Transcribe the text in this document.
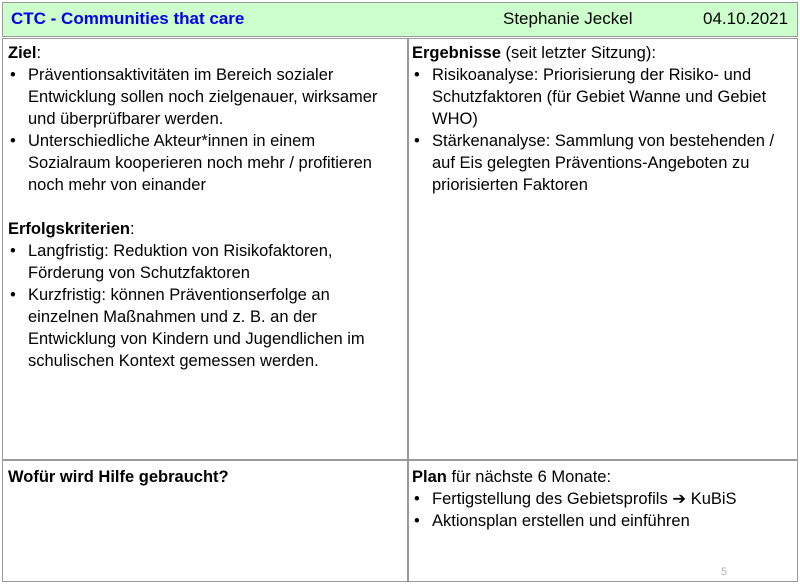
CTC - Communities that care	Stephanie Jeckel	04.10.2021
Ziel:
• Präventionsaktivitäten im Bereich sozialer Entwicklung sollen noch zielgenauer, wirksamer und überprüfbarer werden.
• Unterschiedliche Akteur*innen in einem Sozialraum kooperieren noch mehr / profitieren noch mehr von einander
Erfolgskriterien:
• Langfristig: Reduktion von Risikofaktoren, Förderung von Schutzfaktoren
• Kurzfristig: können Präventionserfolge an einzelnen Maßnahmen und z. B. an der Entwicklung von Kindern und Jugendlichen im schulischen Kontext gemessen werden.
Ergebnisse (seit letzter Sitzung):
• Risikoanalyse: Priorisierung der Risiko- und Schutzfaktoren (für Gebiet Wanne und Gebiet WHO)
• Stärkenanalyse: Sammlung von bestehenden / auf Eis gelegten Präventions-Angeboten zu priorisierten Faktoren
Wofür wird Hilfe gebraucht?	Plan für nächste 6 Monate:
• Fertigstellung des Gebietsprofils ➔ KuBiS
• Aktionsplan erstellen und einführen
5
